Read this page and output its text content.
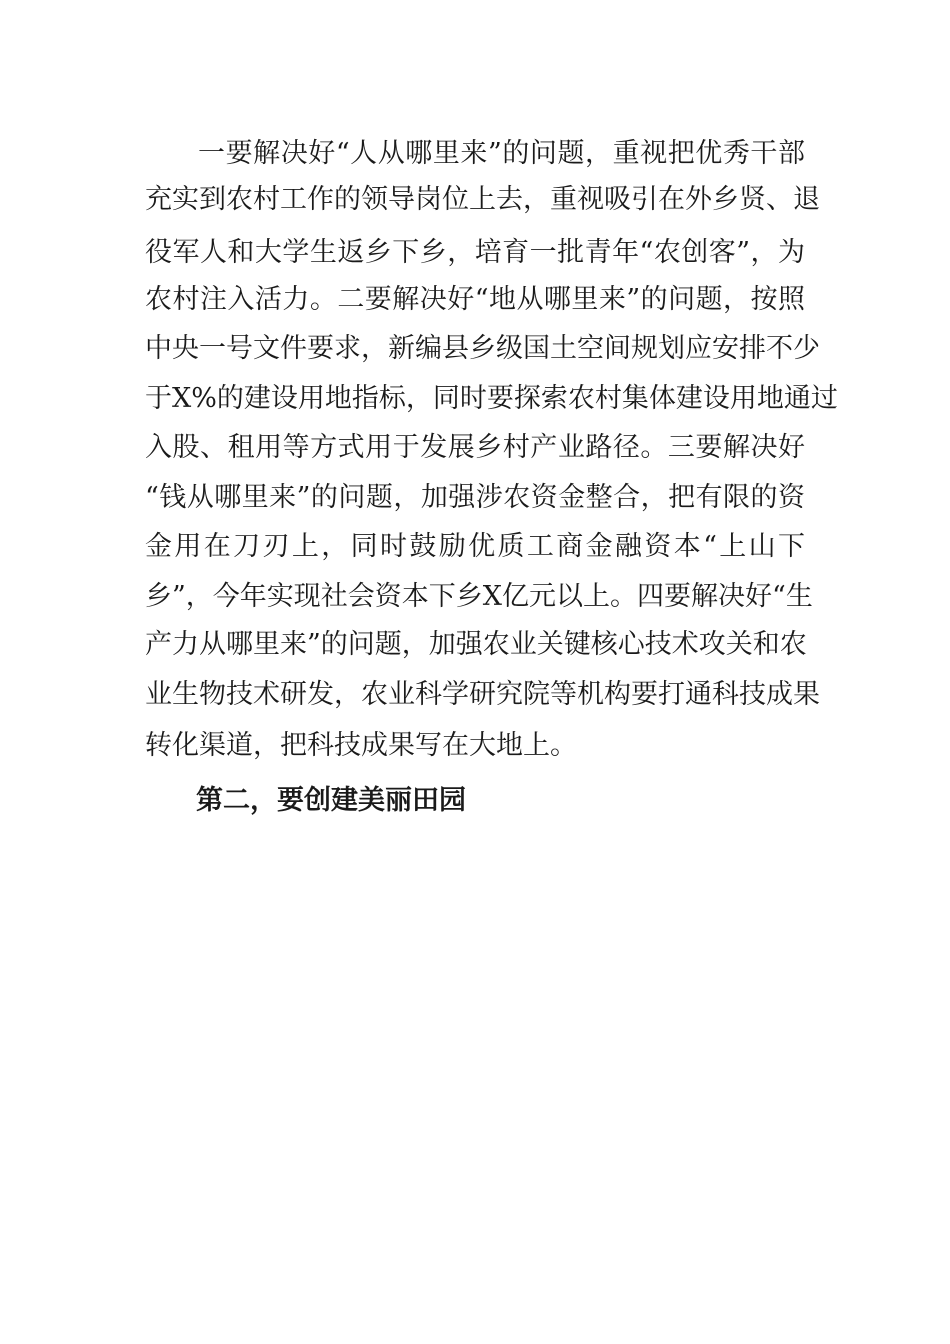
一要解决好“人从哪里来”的问题，重视把优秀干部
充实到农村工作的领导岗位上去，重视吸引在外乡贤、退
役军人和大学生返乡下乡，培育一批青年“农创客”，为
农村注入活力。二要解决好“地从哪里来”的问题，按照
中央一号文件要求，新编县乡级国土空间规划应安排不少
于X%的建设用地指标，同时要探索农村集体建设用地通过
入股、租用等方式用于发展乡村产业路径。三要解决好
“钱从哪里来”的问题，加强涉农资金整合，把有限的资
金用在刀刃上，同时鼓励优质工商金融资本“上山下
乡”，今年实现社会资本下乡X亿元以上。四要解决好“生
产力从哪里来”的问题，加强农业关键核心技术攻关和农
业生物技术研发，农业科学研究院等机构要打通科技成果
转化渠道，把科技成果写在大地上。
第二，要创建美丽田园
